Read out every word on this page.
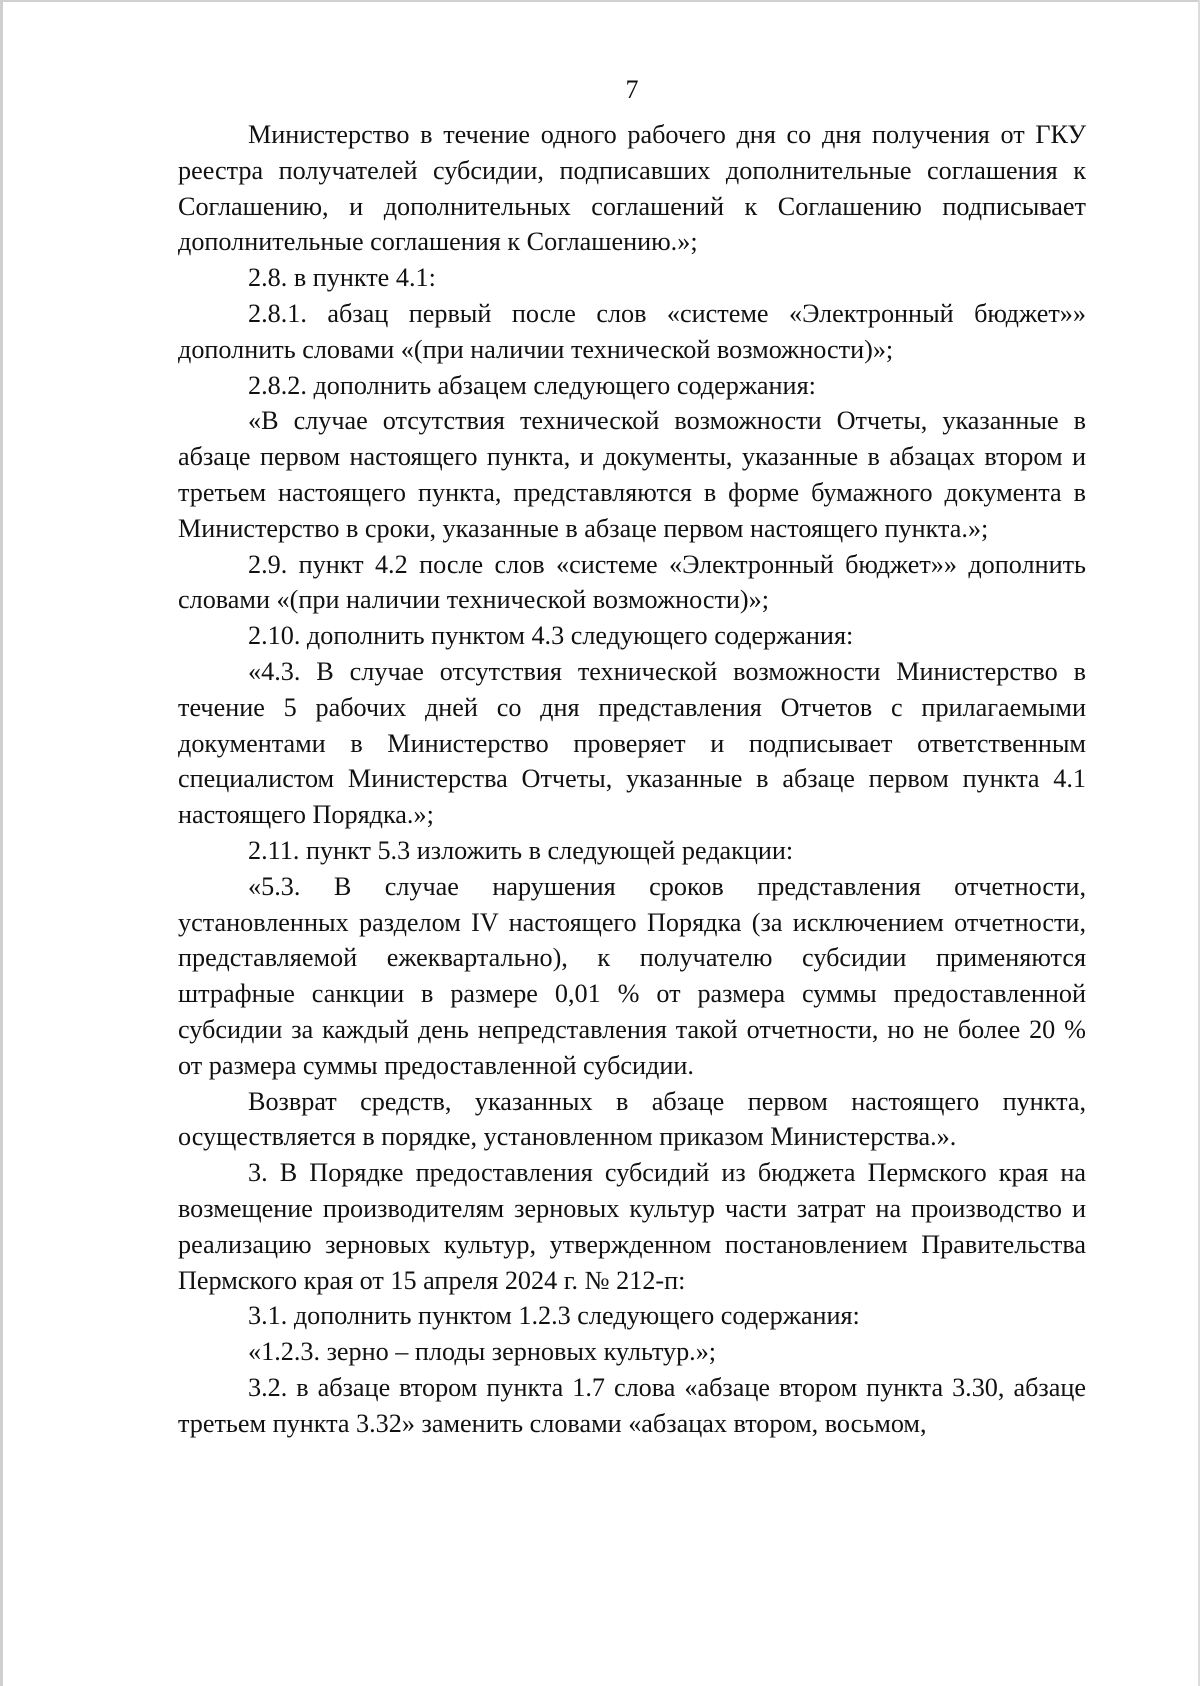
7

Министерство в течение одного рабочего дня со дня получения от ГКУ реестра получателей субсидии, подписавших дополнительные соглашения к Соглашению, и дополнительных соглашений к Соглашению подписывает дополнительные соглашения к Соглашению.»;

2.8. в пункте 4.1:

2.8.1. абзац первый после слов «системе «Электронный бюджет»» дополнить словами «(при наличии технической возможности)»;

2.8.2. дополнить абзацем следующего содержания:

«В случае отсутствия технической возможности Отчеты, указанные в абзаце первом настоящего пункта, и документы, указанные в абзацах втором и третьем настоящего пункта, представляются в форме бумажного документа в Министерство в сроки, указанные в абзаце первом настоящего пункта.»;

2.9. пункт 4.2 после слов «системе «Электронный бюджет»» дополнить словами «(при наличии технической возможности)»;

2.10. дополнить пунктом 4.3 следующего содержания:

«4.3. В случае отсутствия технической возможности Министерство в течение 5 рабочих дней со дня представления Отчетов с прилагаемыми документами в Министерство проверяет и подписывает ответственным специалистом Министерства Отчеты, указанные в абзаце первом пункта 4.1 настоящего Порядка.»;

2.11. пункт 5.3 изложить в следующей редакции:

«5.3. В случае нарушения сроков представления отчетности, установленных разделом IV настоящего Порядка (за исключением отчетности, представляемой ежеквартально), к получателю субсидии применяются штрафные санкции в размере 0,01 % от размера суммы предоставленной субсидии за каждый день непредставления такой отчетности, но не более 20 % от размера суммы предоставленной субсидии.

Возврат средств, указанных в абзаце первом настоящего пункта, осуществляется в порядке, установленном приказом Министерства.».

3. В Порядке предоставления субсидий из бюджета Пермского края на возмещение производителям зерновых культур части затрат на производство и реализацию зерновых культур, утвержденном постановлением Правительства Пермского края от 15 апреля 2024 г. № 212-п:

3.1. дополнить пунктом 1.2.3 следующего содержания:

«1.2.3. зерно – плоды зерновых культур.»;

3.2. в абзаце втором пункта 1.7 слова «абзаце втором пункта 3.30, абзаце третьем пункта 3.32» заменить словами «абзацах втором, восьмом,
